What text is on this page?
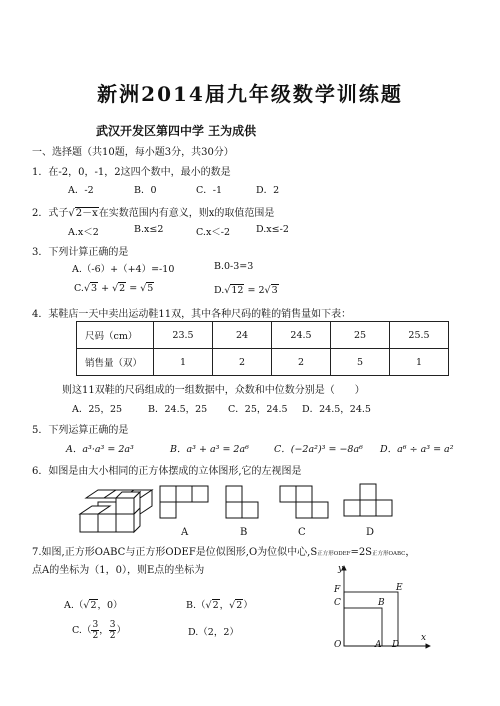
新洲2014届九年级数学训练题
武汉开发区第四中学 王为成供
一、选择题（共10题，每小题3分，共30分）
1．在-2，0，-1，2这四个数中，最小的数是
A．-2	B．0	C．-1	D．2
2．式子√2－x在实数范围内有意义，则x的取值范围是
A.x＜2	B.x≤2	C.x＜-2	D.x≤-2
3．下列计算正确的是
A.（-6）+（+4）=-10	B.0-3=3
C.√3 + √2 = √5	D.√12 = 2√3
4．某鞋店一天中卖出运动鞋11双，其中各种尺码的鞋的销售量如下表：
尺码（cm）	23.5	24	24.5	25	25.5
销售量（双）	1	2	2	5	1
则这11双鞋的尺码组成的一组数据中，众数和中位数分别是（　　）
A．25，25	B．24.5，25 C．25，24.5 D．24.5，24.5
5．下列运算正确的是
A．a³·a³ = 2a³	B．a³ + a³ = 2a⁶	C．(−2a²)³ = −8a⁶ D．a⁶ ÷ a³ = a²
6．如图是由大小相同的正方体摆成的立体图形,它的左视图是
A	B	C	D
7.如图,正方形OABC与正方形ODEF是位似图形,O为位似中心,S正方形ODEF=2S正方形OABC，
点A的坐标为（1，0），则E点的坐标为
A.（√2，0）	B.（√2，√2）
$C.( \frac{3}{2}$ ， $\frac{3}{2}$ ）	D.（2，2）
y
x
O	A D
B
C
E
F
